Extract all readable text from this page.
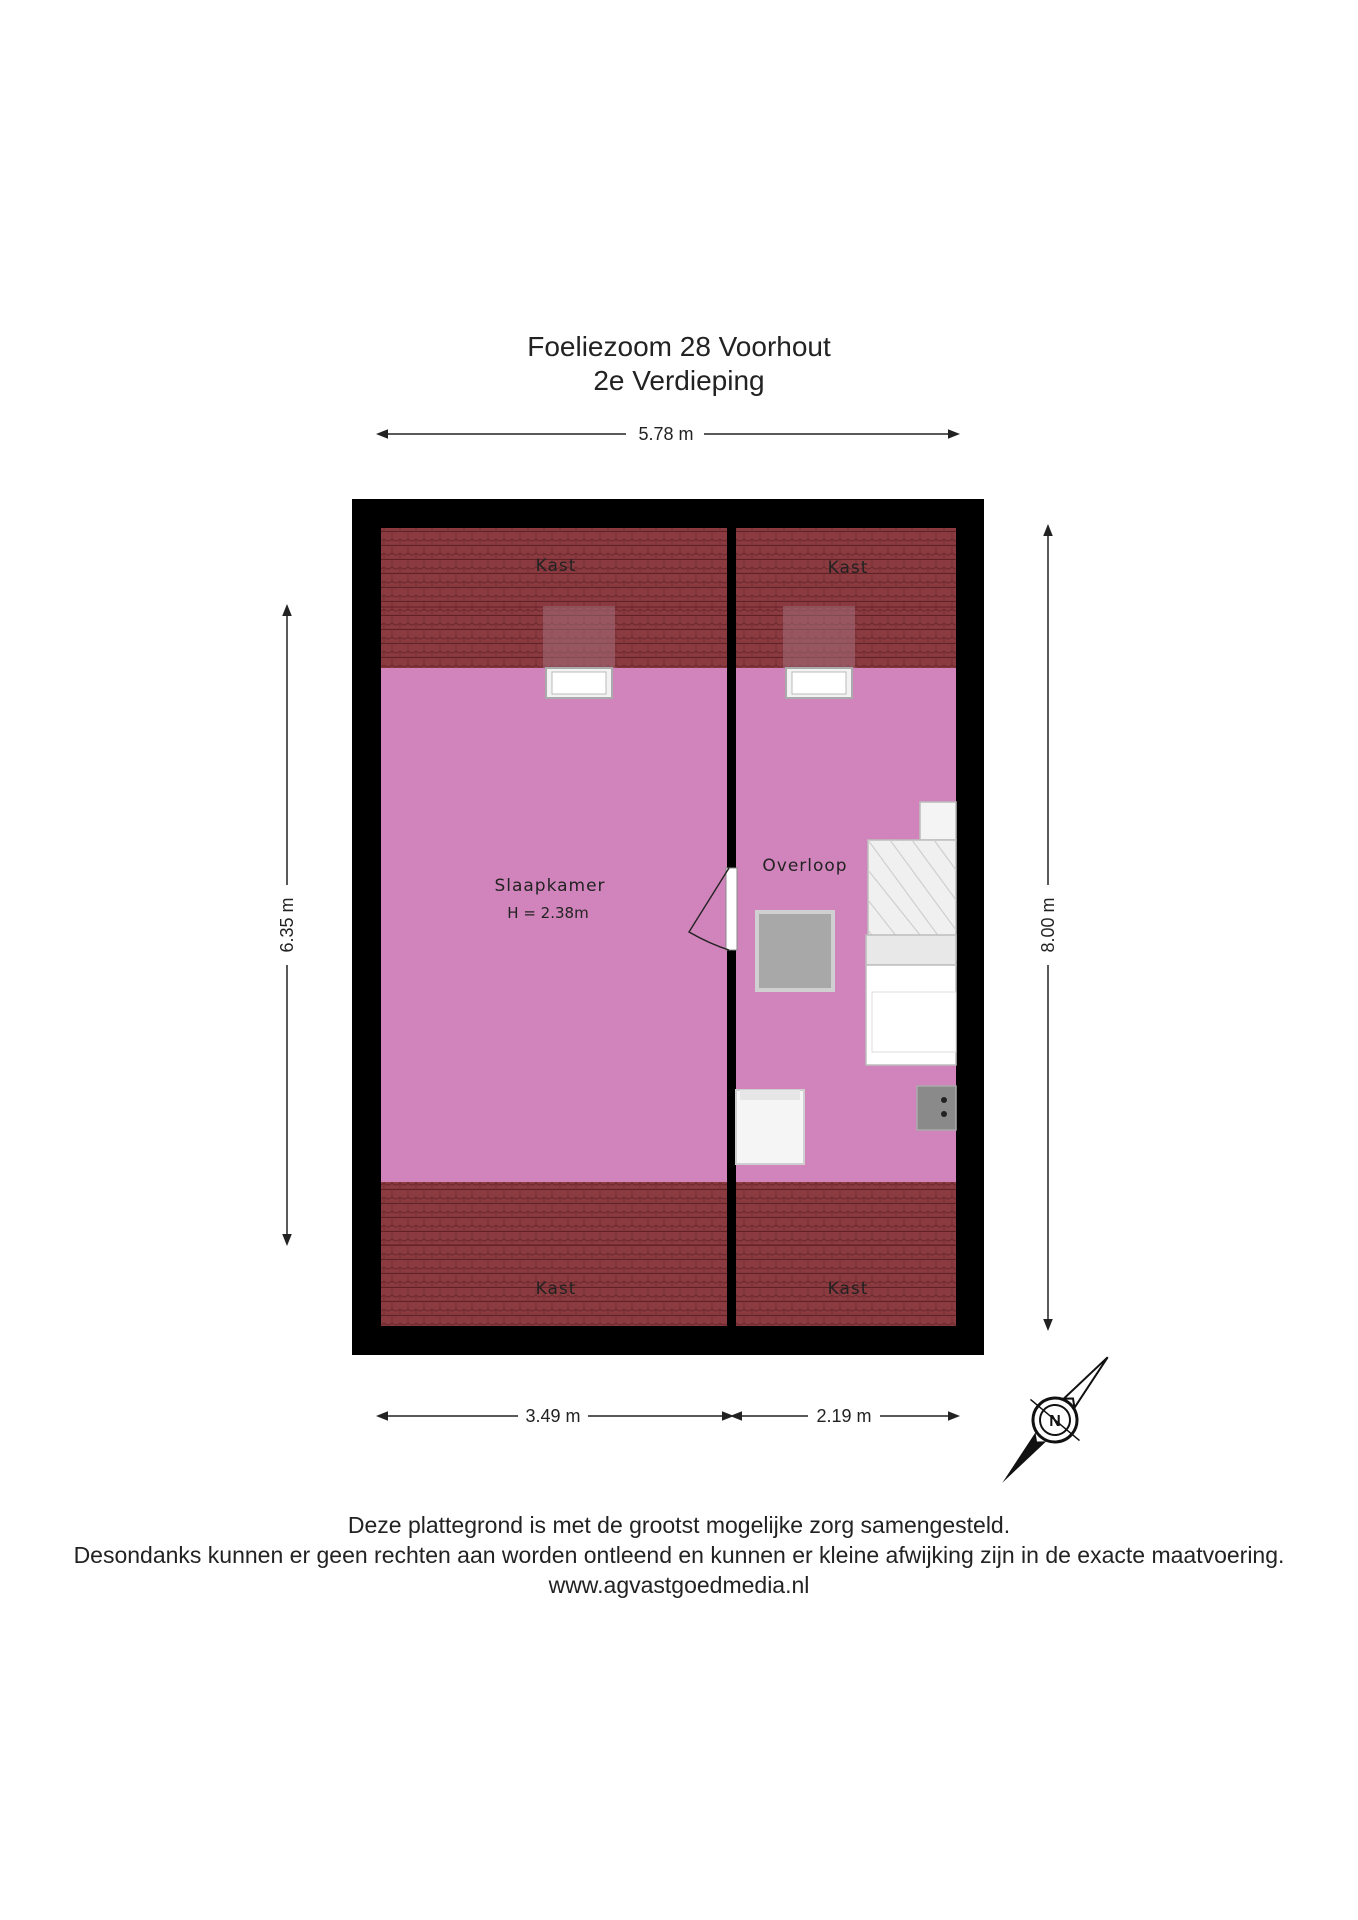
Foeliezoom 28 Voorhout
2e Verdieping
5.78 m
6.35 m	8.00 m
3.49 m	2.19 m
Kast	Kast
Kast	Kast
Slaapkamer
H = 2.38m
Overloop
N
Deze plattegrond is met de grootst mogelijke zorg samengesteld.
Desondanks kunnen er geen rechten aan worden ontleend en kunnen er kleine afwijking zijn in de exacte maatvoering.
www.agvastgoedmedia.nl
